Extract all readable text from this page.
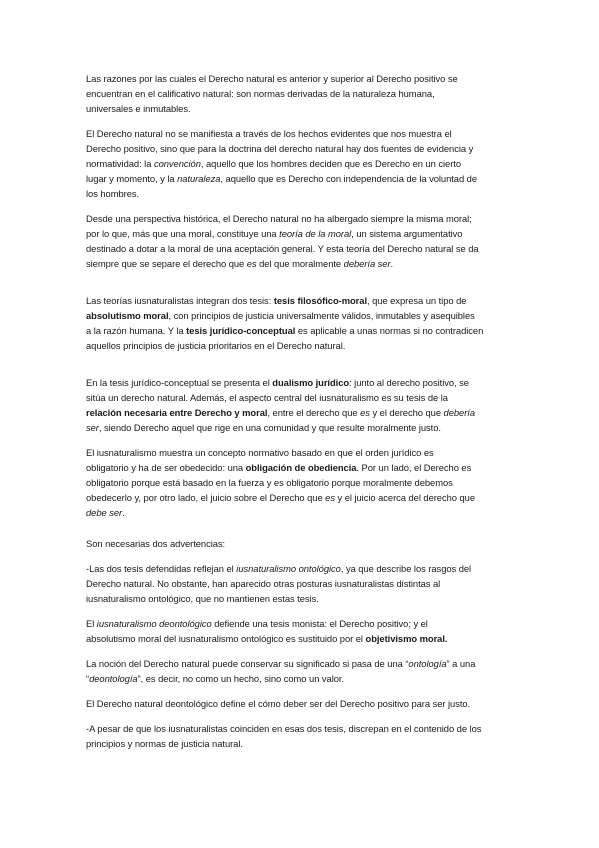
Las razones por las cuales el Derecho natural es anterior y superior al Derecho positivo se
encuentran en el calificativo natural: son normas derivadas de la naturaleza humana,
universales e inmutables.

El Derecho natural no se manifiesta a través de los hechos evidentes que nos muestra el
Derecho positivo, sino que para la doctrina del derecho natural hay dos fuentes de evidencia y
normatividad: la convención, aquello que los hombres deciden que es Derecho en un cierto
lugar y momento, y la naturaleza, aquello que es Derecho con independencia de la voluntad de
los hombres.

Desde una perspectiva histórica, el Derecho natural no ha albergado siempre la misma moral;
por lo que, más que una moral, constituye una teoría de la moral, un sistema argumentativo
destinado a dotar a la moral de una aceptación general. Y esta teoría del Derecho natural se da
siempre que se separe el derecho que es del que moralmente debería ser.

Las teorías iusnaturalistas integran dos tesis: tesis filosófico-moral, que expresa un tipo de
absolutismo moral, con principios de justicia universalmente válidos, inmutables y asequibles
a la razón humana. Y la tesis jurídico-conceptual es aplicable a unas normas si no contradicen
aquellos principios de justicia prioritarios en el Derecho natural.

En la tesis jurídico-conceptual se presenta el dualismo jurídico: junto al derecho positivo, se
sitúa un derecho natural. Además, el aspecto central del iusnaturalismo es su tesis de la
relación necesaria entre Derecho y moral, entre el derecho que es y el derecho que debería
ser, siendo Derecho aquel que rige en una comunidad y que resulte moralmente justo.

El iusnaturalismo muestra un concepto normativo basado en que el orden jurídico es
obligatorio y ha de ser obedecido: una obligación de obediencia. Por un lado, el Derecho es
obligatorio porque está basado en la fuerza y es obligatorio porque moralmente debemos
obedecerlo y, por otro lado, el juicio sobre el Derecho que es y el juicio acerca del derecho que
debe ser.

Son necesarias dos advertencias:

-Las dos tesis defendidas reflejan el iusnaturalismo ontológico, ya que describe los rasgos del
Derecho natural. No obstante, han aparecido otras posturas iusnaturalistas distintas al
iusnaturalismo ontológico, que no mantienen estas tesis.

El iusnaturalismo deontológico defiende una tesis monista: el Derecho positivo; y el
absolutismo moral del iusnaturalismo ontológico es sustituido por el objetivismo moral.

La noción del Derecho natural puede conservar su significado si pasa de una “ontología” a una
“deontología”, es decir, no como un hecho, sino como un valor.

El Derecho natural deontológico define el cómo deber ser del Derecho positivo para ser justo.

-A pesar de que los iusnaturalistas coinciden en esas dos tesis, discrepan en el contenido de los
principios y normas de justicia natural.
